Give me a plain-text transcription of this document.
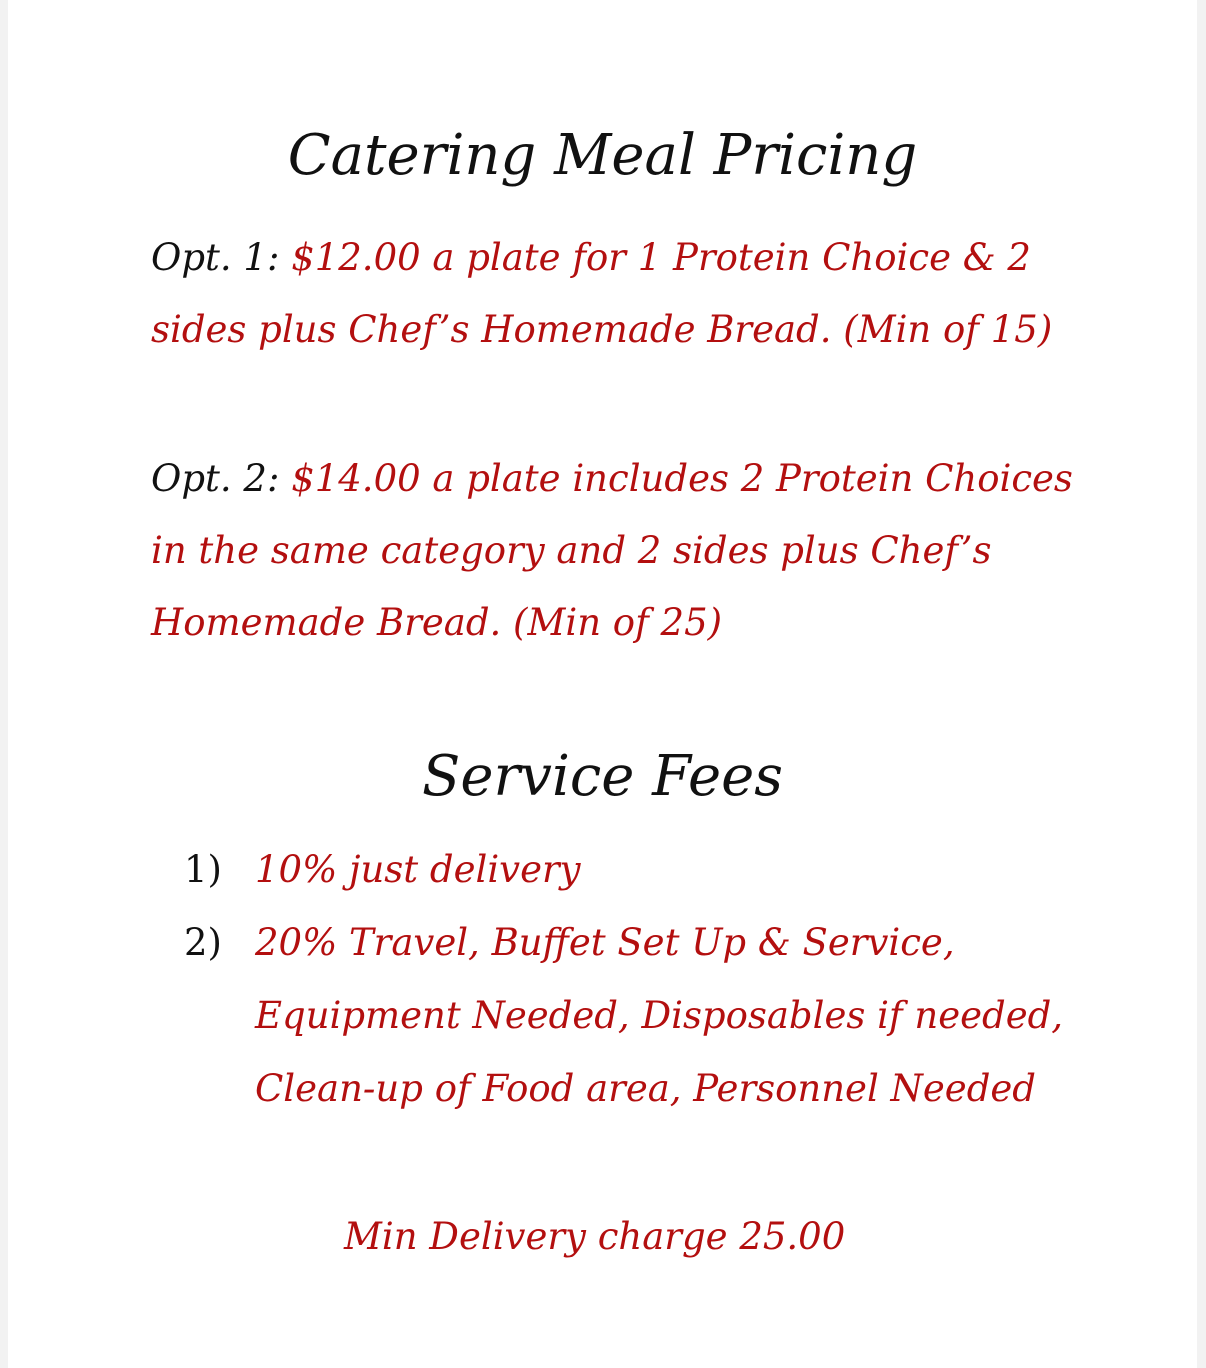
Catering Meal Pricing

Opt. 1: $12.00 a plate for 1 Protein Choice & 2 sides plus Chef’s Homemade Bread. (Min of 15)

Opt. 2: $14.00 a plate includes 2 Protein Choices in the same category and 2 sides plus Chef’s Homemade Bread. (Min of 25)

Service Fees
1) 10% just delivery
2) 20% Travel, Buffet Set Up & Service, Equipment Needed, Disposables if needed, Clean-up of Food area, Personnel Needed
Min Delivery charge 25.00
